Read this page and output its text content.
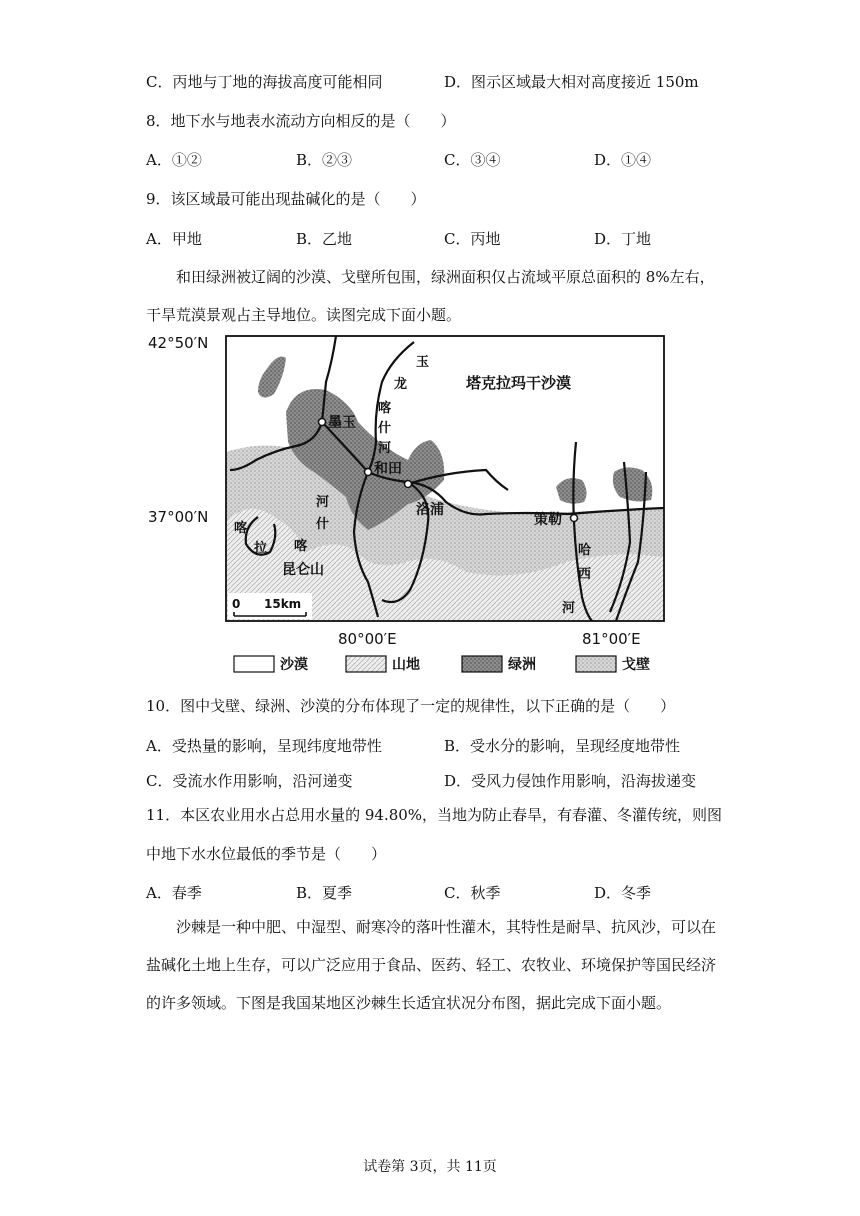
C．丙地与丁地的海拔高度可能相同	D．图示区域最大相对高度接近 150m
8．地下水与地表水流动方向相反的是（　　）
A．①②	B．②③	C．③④	D．①④
9．该区域最可能出现盐碱化的是（　　）
A．甲地	B．乙地	C．丙地	D．丁地
和田绿洲被辽阔的沙漠、戈壁所包围，绿洲面积仅占流域平原总面积的 8%左右，干旱荒漠景观占主导地位。读图完成下面小题。
42°50′N
37°00′N
80°00′E	81°00′E
塔克拉玛干沙漠
昆仑山
玉
龙
喀
什
河
河
什
喀
喀
拉	哈
西
河
墨玉
和田
洛浦
策勒
0 15km
沙漠	山地	绿洲	戈壁
10．图中戈壁、绿洲、沙漠的分布体现了一定的规律性，以下正确的是（　　）
A．受热量的影响，呈现纬度地带性	B．受水分的影响，呈现经度地带性
C．受流水作用影响，沿河递变	D．受风力侵蚀作用影响，沿海拔递变
11．本区农业用水占总用水量的 94.80%，当地为防止春旱，有春灌、冬灌传统，则图
中地下水水位最低的季节是（　　）
A．春季	B．夏季	C．秋季	D．冬季
沙棘是一种中肥、中湿型、耐寒冷的落叶性灌木，其特性是耐旱、抗风沙，可以在盐碱化土地上生存，可以广泛应用于食品、医药、轻工、农牧业、环境保护等国民经济的许多领域。下图是我国某地区沙棘生长适宜状况分布图，据此完成下面小题。
试卷第 3页，共 11页
